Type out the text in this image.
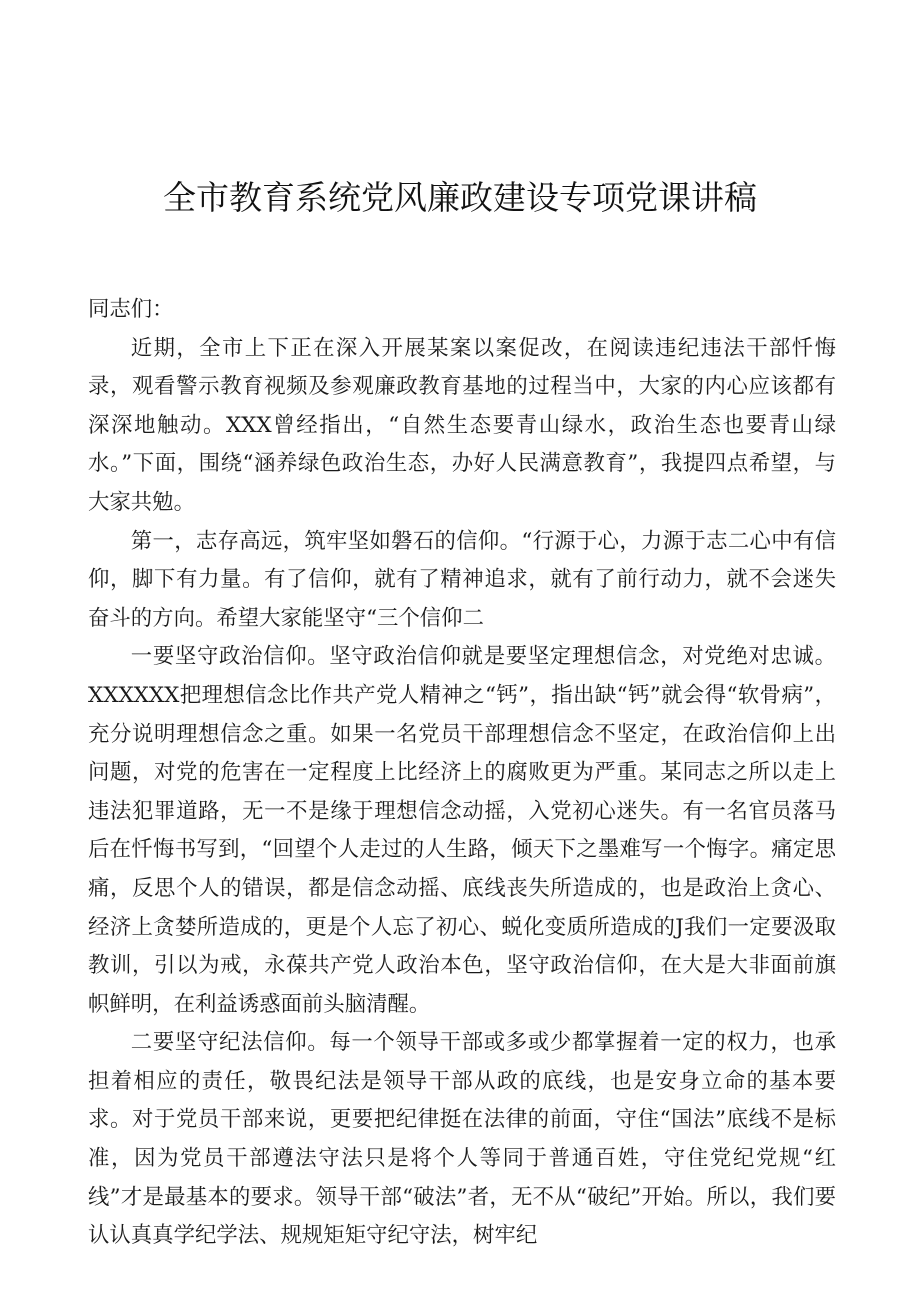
全市教育系统党风廉政建设专项党课讲稿

同志们：

近期，全市上下正在深入开展某案以案促改，在阅读违纪违法干部忏悔录，观看警示教育视频及参观廉政教育基地的过程当中，大家的内心应该都有深深地触动。XXX曾经指出，“自然生态要青山绿水，政治生态也要青山绿水。”下面，围绕“涵养绿色政治生态，办好人民满意教育”，我提四点希望，与大家共勉。

第一，志存高远，筑牢坚如磐石的信仰。“行源于心，力源于志二心中有信仰，脚下有力量。有了信仰，就有了精神追求，就有了前行动力，就不会迷失奋斗的方向。希望大家能坚守“三个信仰二

一要坚守政治信仰。坚守政治信仰就是要坚定理想信念，对党绝对忠诚。XXXXXX把理想信念比作共产党人精神之“钙”，指出缺“钙”就会得“软骨病”，充分说明理想信念之重。如果一名党员干部理想信念不坚定，在政治信仰上出问题，对党的危害在一定程度上比经济上的腐败更为严重。某同志之所以走上违法犯罪道路，无一不是缘于理想信念动摇，入党初心迷失。有一名官员落马后在忏悔书写到，“回望个人走过的人生路，倾天下之墨难写一个悔字。痛定思痛，反思个人的错误，都是信念动摇、底线丧失所造成的，也是政治上贪心、经济上贪婪所造成的，更是个人忘了初心、蜕化变质所造成的J我们一定要汲取教训，引以为戒，永葆共产党人政治本色，坚守政治信仰，在大是大非面前旗帜鲜明，在利益诱惑面前头脑清醒。

二要坚守纪法信仰。每一个领导干部或多或少都掌握着一定的权力，也承担着相应的责任，敬畏纪法是领导干部从政的底线，也是安身立命的基本要求。对于党员干部来说，更要把纪律挺在法律的前面，守住“国法”底线不是标准，因为党员干部遵法守法只是将个人等同于普通百姓，守住党纪党规“红线”才是最基本的要求。领导干部“破法”者，无不从“破纪”开始。所以，我们要认认真真学纪学法、规规矩矩守纪守法，树牢纪
